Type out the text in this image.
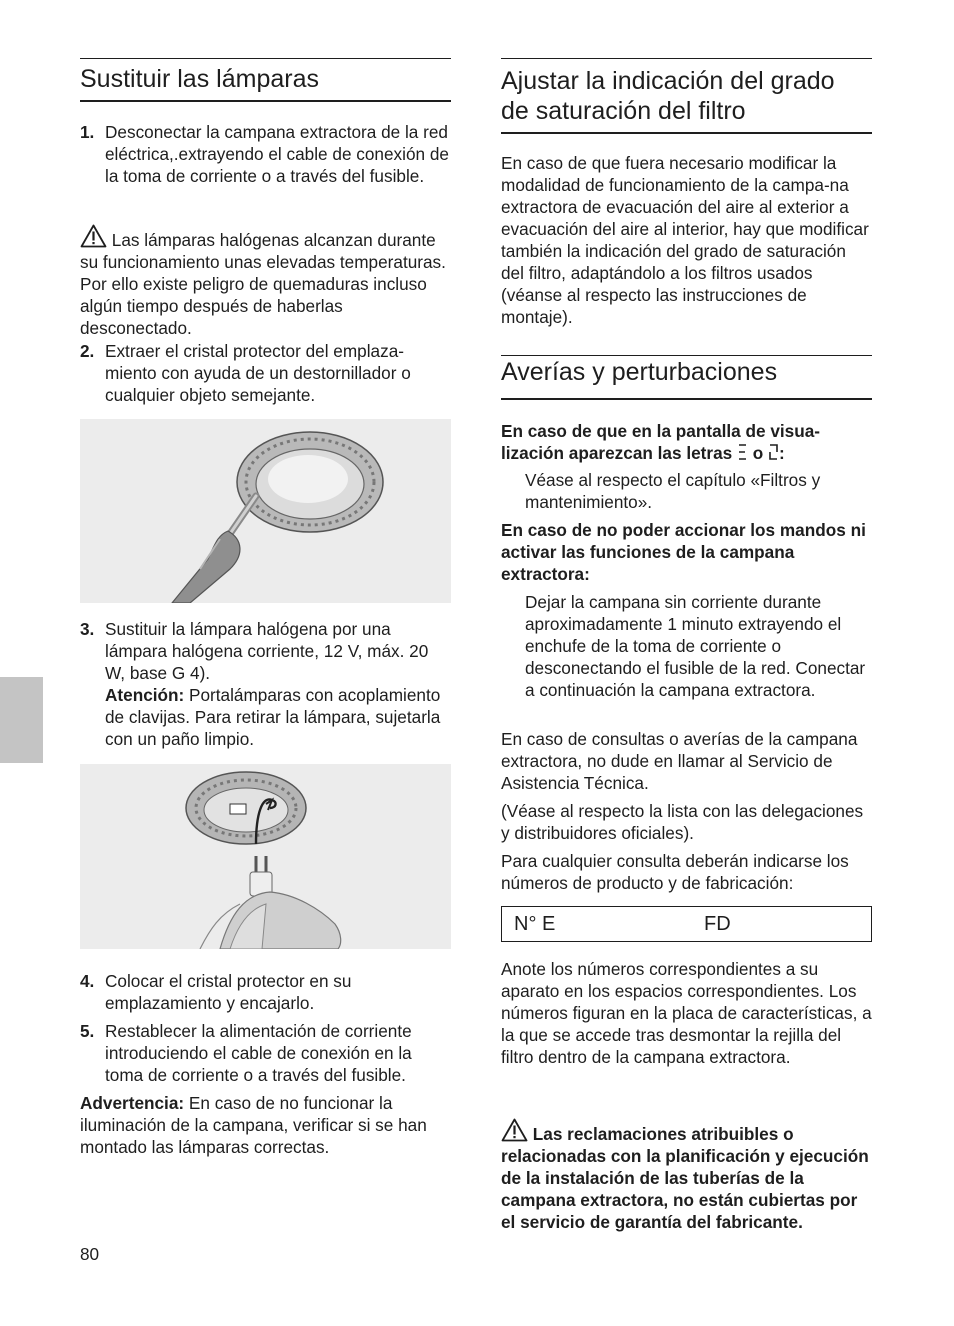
Sustituir las lámparas
1. Desconectar la campana extractora de la red eléctrica,.extrayendo el cable de conexión de la toma de corriente o a través del fusible.

Las lámparas halógenas alcanzan durante su funcionamiento unas elevadas temperaturas. Por ello existe peligro de quemaduras incluso algún tiempo después de haberlas desconectado.
2. Extraer el cristal protector del emplaza-miento con ayuda de un destornillador o cualquier objeto semejante.

3. Sustituir la lámpara halógena por una lámpara halógena corriente, 12 V, máx. 20 W, base G 4).

Atención: Portalámparas con acoplamiento de clavijas. Para retirar la lámpara, sujetarla con un paño limpio.

4. Colocar el cristal protector en su emplazamiento y encajarlo.

5. Restablecer la alimentación de corriente introduciendo el cable de conexión en la toma de corriente o a través del fusible.

Advertencia: En caso de no funcionar la iluminación de la campana, verificar si se han montado las lámparas correctas.

80
Ajustar la indicación del grado
de saturación del filtro

En caso de que fuera necesario modificar la modalidad de funcionamiento de la campa-na extractora de evacuación del aire al exterior a evacuación del aire al interior, hay que modificar también la indicación del grado de saturación del filtro, adaptándolo a los filtros usados (véanse al respecto las instrucciones de montaje).

Averías y perturbaciones
En caso de que en la pantalla de visua-
lización aparezcan las letras o :

Véase al respecto el capítulo «Filtros y mantenimiento».

En caso de no poder accionar los mandos ni activar las funciones de la campana extractora:

Dejar la campana sin corriente durante aproximadamente 1 minuto extrayendo el enchufe de la toma de corriente o desconectando el fusible de la red. Conectar a continuación la campana extractora.

En caso de consultas o averías de la campana extractora, no dude en llamar al Servicio de Asistencia Técnica.

(Véase al respecto la lista con las delegaciones y distribuidores oficiales).

Para cualquier consulta deberán indicarse los números de producto y de fabricación:

N° E	FD

Anote los números correspondientes a su aparato en los espacios correspondientes. Los números figuran en la placa de características, a la que se accede tras desmontar la rejilla del filtro dentro de la campana extractora.

Las reclamaciones atribuibles o relacionadas con la planificación y ejecución de la instalación de las tuberías de la campana extractora, no están cubiertas por el servicio de garantía del fabricante.
